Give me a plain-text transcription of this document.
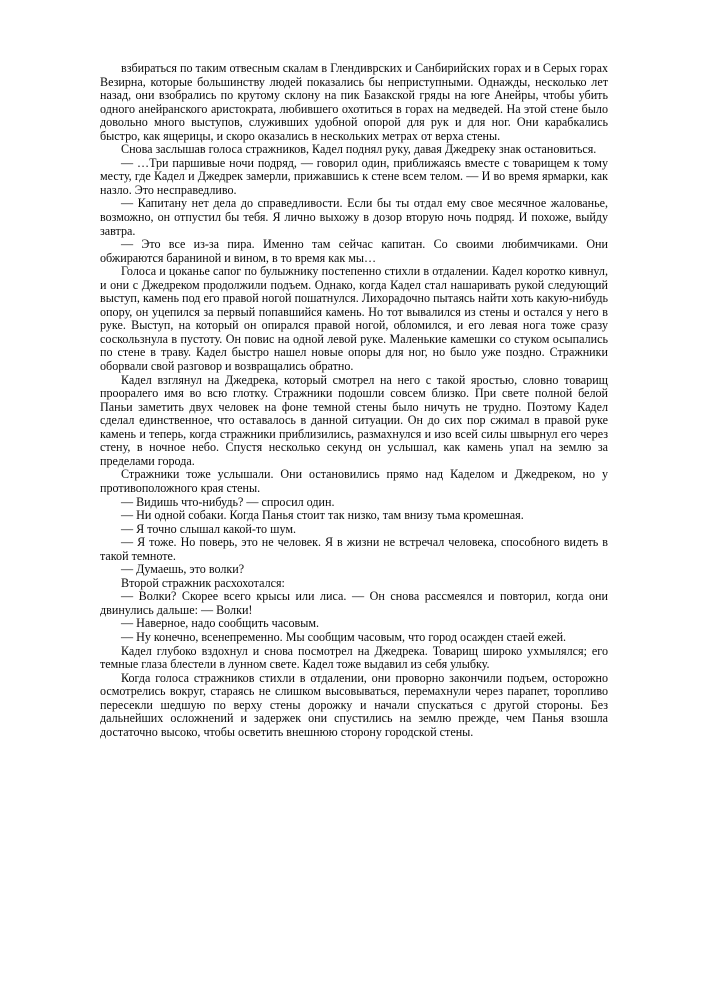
взбираться по таким отвесным скалам в Глендиврских и Санбирийских горах и в Серых горах Везирна, которые большинству людей показались бы неприступными. Однажды, несколько лет назад, они взобрались по крутому склону на пик Базакской гряды на юге Анейры, чтобы убить одного анейранского аристократа, любившего охотиться в горах на медведей. На этой стене было довольно много выступов, служивших удобной опорой для рук и для ног. Они карабкались быстро, как ящерицы, и скоро оказались в нескольких метрах от верха стены.

Снова заслышав голоса стражников, Кадел поднял руку, давая Джедреку знак остановиться.

— …Три паршивые ночи подряд, — говорил один, приближаясь вместе с товарищем к тому месту, где Кадел и Джедрек замерли, прижавшись к стене всем телом. — И во время ярмарки, как назло. Это несправедливо.

— Капитану нет дела до справедливости. Если бы ты отдал ему свое месячное жалованье, возможно, он отпустил бы тебя. Я лично выхожу в дозор вторую ночь подряд. И похоже, выйду завтра.

— Это все из-за пира. Именно там сейчас капитан. Со своими любимчиками. Они обжираются бараниной и вином, в то время как мы…

Голоса и цоканье сапог по булыжнику постепенно стихли в отдалении. Кадел коротко кивнул, и они с Джедреком продолжили подъем. Однако, когда Кадел стал нашаривать рукой следующий выступ, камень под его правой ногой пошатнулся. Лихорадочно пытаясь найти хоть какую-нибудь опору, он уцепился за первый попавшийся камень. Но тот вывалился из стены и остался у него в руке. Выступ, на который он опирался правой ногой, обломился, и его левая нога тоже сразу соскользнула в пустоту. Он повис на одной левой руке. Маленькие камешки со стуком осыпались по стене в траву. Кадел быстро нашел новые опоры для ног, но было уже поздно. Стражники оборвали свой разговор и возвращались обратно.

Кадел взглянул на Джедрека, который смотрел на него с такой яростью, словно товарищ прооралего имя во всю глотку. Стражники подошли совсем близко. При свете полной белой Паньи заметить двух человек на фоне темной стены было ничуть не трудно. Поэтому Кадел сделал единственное, что оставалось в данной ситуации. Он до сих пор сжимал в правой руке камень и теперь, когда стражники приблизились, размахнулся и изо всей силы швырнул его через стену, в ночное небо. Спустя несколько секунд он услышал, как камень упал на землю за пределами города.

Стражники тоже услышали. Они остановились прямо над Каделом и Джедреком, но у противоположного края стены.

— Видишь что-нибудь? — спросил один.

— Ни одной собаки. Когда Панья стоит так низко, там внизу тьма кромешная.

— Я точно слышал какой-то шум.

— Я тоже. Но поверь, это не человек. Я в жизни не встречал человека, способного видеть в такой темноте.

— Думаешь, это волки?

Второй стражник расхохотался:

— Волки? Скорее всего крысы или лиса. — Он снова рассмеялся и повторил, когда они двинулись дальше: — Волки!

— Наверное, надо сообщить часовым.

— Ну конечно, всенепременно. Мы сообщим часовым, что город осажден стаей ежей.

Кадел глубоко вздохнул и снова посмотрел на Джедрека. Товарищ широко ухмылялся; его темные глаза блестели в лунном свете. Кадел тоже выдавил из себя улыбку.

Когда голоса стражников стихли в отдалении, они проворно закончили подъем, осторожно осмотрелись вокруг, стараясь не слишком высовываться, перемахнули через парапет, торопливо пересекли шедшую по верху стены дорожку и начали спускаться с другой стороны. Без дальнейших осложнений и задержек они спустились на землю прежде, чем Панья взошла достаточно высоко, чтобы осветить внешнюю сторону городской стены.
